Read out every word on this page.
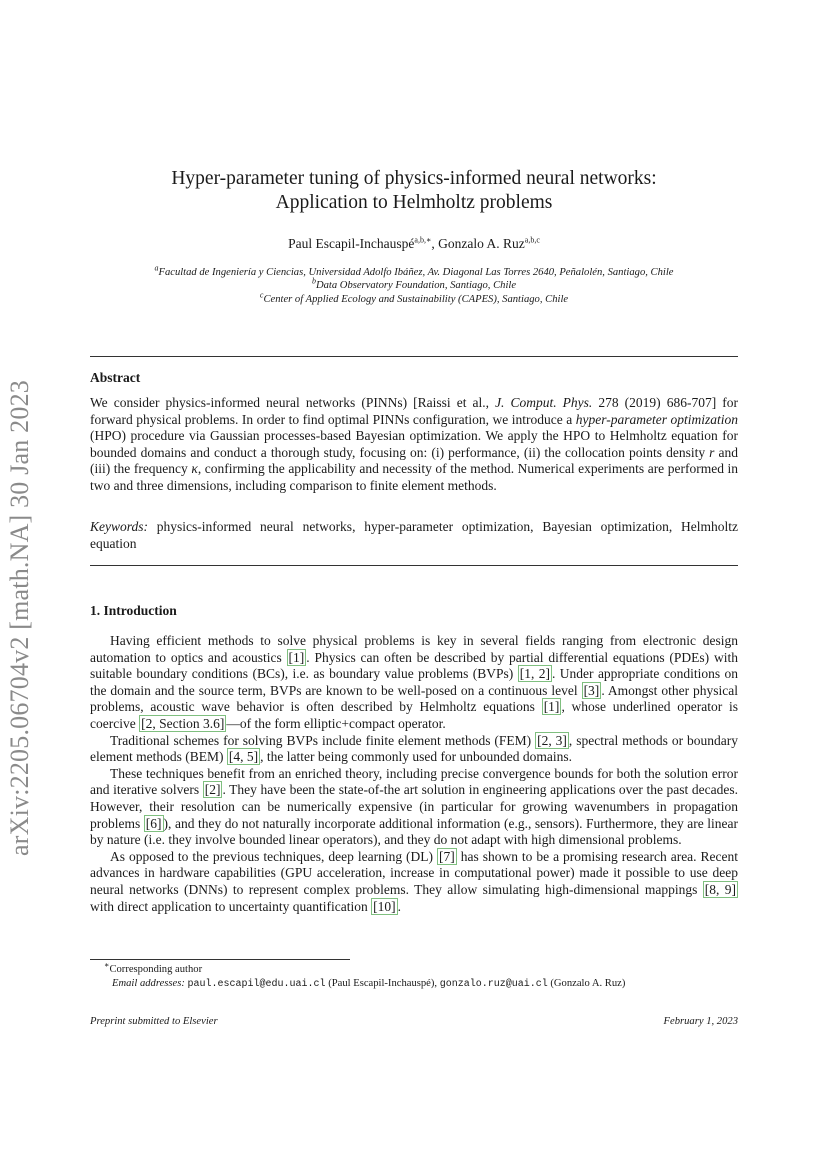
arXiv:2205.06704v2 [math.NA] 30 Jan 2023
Hyper-parameter tuning of physics-informed neural networks:
Application to Helmholtz problems
Paul Escapil-Inchauspé$^{a,b,∗}$, Gonzalo A. Ruz$^{a,b,c}$
$^a$Facultad de Ingeniería y Ciencias, Universidad Adolfo Ibáñez, Av. Diagonal Las Torres 2640, Peñalolén, Santiago, Chile
$^b$Data Observatory Foundation, Santiago, Chile
$^c$Center of Applied Ecology and Sustainability (CAPES), Santiago, Chile
Abstract

We consider physics-informed neural networks (PINNs) [Raissi et al., J. Comput. Phys. 278 (2019) 686-707] for forward physical problems. In order to find optimal PINNs configuration, we introduce a hyper-parameter optimization (HPO) procedure via Gaussian processes-based Bayesian optimization. We apply the HPO to Helmholtz equation for bounded domains and conduct a thorough study, focusing on: (i) performance, (ii) the collocation points density r and (iii) the frequency κ, confirming the applicability and necessity of the method. Numerical experiments are performed in two and three dimensions, including comparison to finite element methods.

Keywords: physics-informed neural networks, hyper-parameter optimization, Bayesian optimization, Helmholtz equation

1. Introduction

Having efficient methods to solve physical problems is key in several fields ranging from electronic design automation to optics and acoustics [1] . Physics can often be described by partial differential equations (PDEs) with suitable boundary conditions (BCs), i.e. as boundary value problems (BVPs) [1, 2] . Under appropriate conditions on the domain and the source term, BVPs are known to be well-posed on a continuous level [3] . Amongst other physical problems, acoustic wave behavior is often described by Helmholtz equations [1] , whose underlined operator is coercive [2, Section 3.6] —of the form elliptic+compact operator.

Traditional schemes for solving BVPs include finite element methods (FEM) [2, 3] , spectral methods or boundary element methods (BEM) [4, 5] , the latter being commonly used for unbounded domains.

These techniques benefit from an enriched theory, including precise convergence bounds for both the solution error and iterative solvers [2] . They have been the state-of-the art solution in engineering applications over the past decades. However, their resolution can be numerically expensive (in particular for growing wavenumbers in propagation problems [6] ), and they do not naturally incorporate additional information (e.g., sensors). Furthermore, they are linear by nature (i.e. they involve bounded linear operators), and they do not adapt with high dimensional problems.

As opposed to the previous techniques, deep learning (DL) [7] has shown to be a promising research area. Recent advances in hardware capabilities (GPU acceleration, increase in computational power) made it possible to use deep neural networks (DNNs) to represent complex problems. They allow simulating high-dimensional mappings [8, 9] with direct application to uncertainty quantification [10] .

∗Corresponding author
Email addresses: paul.escapil@edu.uai.cl (Paul Escapil-Inchauspé), gonzalo.ruz@uai.cl (Gonzalo A. Ruz)
Preprint submitted to Elsevier	February 1, 2023
